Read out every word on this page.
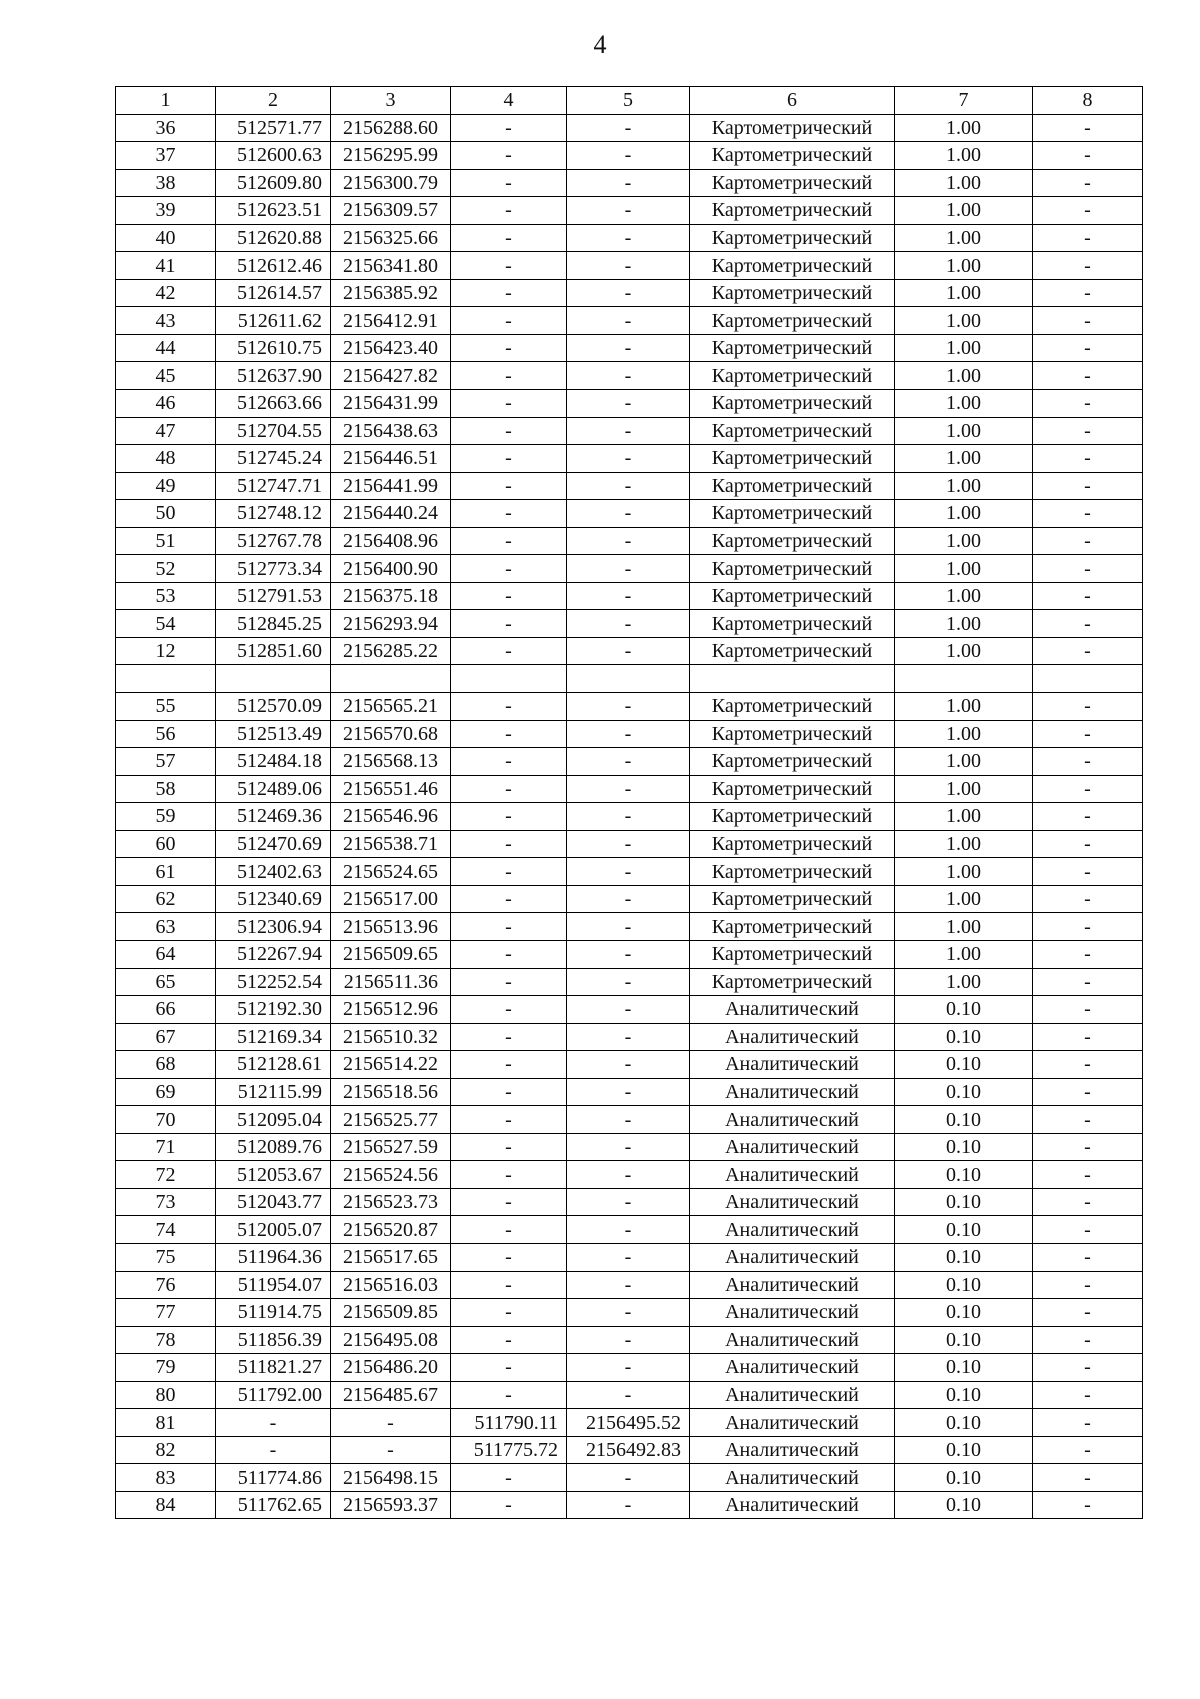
4
1	2	3	4	5	6	7	8
36	512571.77	2156288.60	-	-	Картометрический	1.00	-
37	512600.63	2156295.99	-	-	Картометрический	1.00	-
38	512609.80	2156300.79	-	-	Картометрический	1.00	-
39	512623.51	2156309.57	-	-	Картометрический	1.00	-
40	512620.88	2156325.66	-	-	Картометрический	1.00	-
41	512612.46	2156341.80	-	-	Картометрический	1.00	-
42	512614.57	2156385.92	-	-	Картометрический	1.00	-
43	512611.62	2156412.91	-	-	Картометрический	1.00	-
44	512610.75	2156423.40	-	-	Картометрический	1.00	-
45	512637.90	2156427.82	-	-	Картометрический	1.00	-
46	512663.66	2156431.99	-	-	Картометрический	1.00	-
47	512704.55	2156438.63	-	-	Картометрический	1.00	-
48	512745.24	2156446.51	-	-	Картометрический	1.00	-
49	512747.71	2156441.99	-	-	Картометрический	1.00	-
50	512748.12	2156440.24	-	-	Картометрический	1.00	-
51	512767.78	2156408.96	-	-	Картометрический	1.00	-
52	512773.34	2156400.90	-	-	Картометрический	1.00	-
53	512791.53	2156375.18	-	-	Картометрический	1.00	-
54	512845.25	2156293.94	-	-	Картометрический	1.00	-
12	512851.60	2156285.22	-	-	Картометрический	1.00	-

55	512570.09	2156565.21	-	-	Картометрический	1.00	-
56	512513.49	2156570.68	-	-	Картометрический	1.00	-
57	512484.18	2156568.13	-	-	Картометрический	1.00	-
58	512489.06	2156551.46	-	-	Картометрический	1.00	-
59	512469.36	2156546.96	-	-	Картометрический	1.00	-
60	512470.69	2156538.71	-	-	Картометрический	1.00	-
61	512402.63	2156524.65	-	-	Картометрический	1.00	-
62	512340.69	2156517.00	-	-	Картометрический	1.00	-
63	512306.94	2156513.96	-	-	Картометрический	1.00	-
64	512267.94	2156509.65	-	-	Картометрический	1.00	-
65	512252.54	2156511.36	-	-	Картометрический	1.00	-
66	512192.30	2156512.96	-	-	Аналитический	0.10	-
67	512169.34	2156510.32	-	-	Аналитический	0.10	-
68	512128.61	2156514.22	-	-	Аналитический	0.10	-
69	512115.99	2156518.56	-	-	Аналитический	0.10	-
70	512095.04	2156525.77	-	-	Аналитический	0.10	-
71	512089.76	2156527.59	-	-	Аналитический	0.10	-
72	512053.67	2156524.56	-	-	Аналитический	0.10	-
73	512043.77	2156523.73	-	-	Аналитический	0.10	-
74	512005.07	2156520.87	-	-	Аналитический	0.10	-
75	511964.36	2156517.65	-	-	Аналитический	0.10	-
76	511954.07	2156516.03	-	-	Аналитический	0.10	-
77	511914.75	2156509.85	-	-	Аналитический	0.10	-
78	511856.39	2156495.08	-	-	Аналитический	0.10	-
79	511821.27	2156486.20	-	-	Аналитический	0.10	-
80	511792.00	2156485.67	-	-	Аналитический	0.10	-
81	-	-	511790.11	2156495.52	Аналитический	0.10	-
82	-	-	511775.72	2156492.83	Аналитический	0.10	-
83	511774.86	2156498.15	-	-	Аналитический	0.10	-
84	511762.65	2156593.37	-	-	Аналитический	0.10	-
